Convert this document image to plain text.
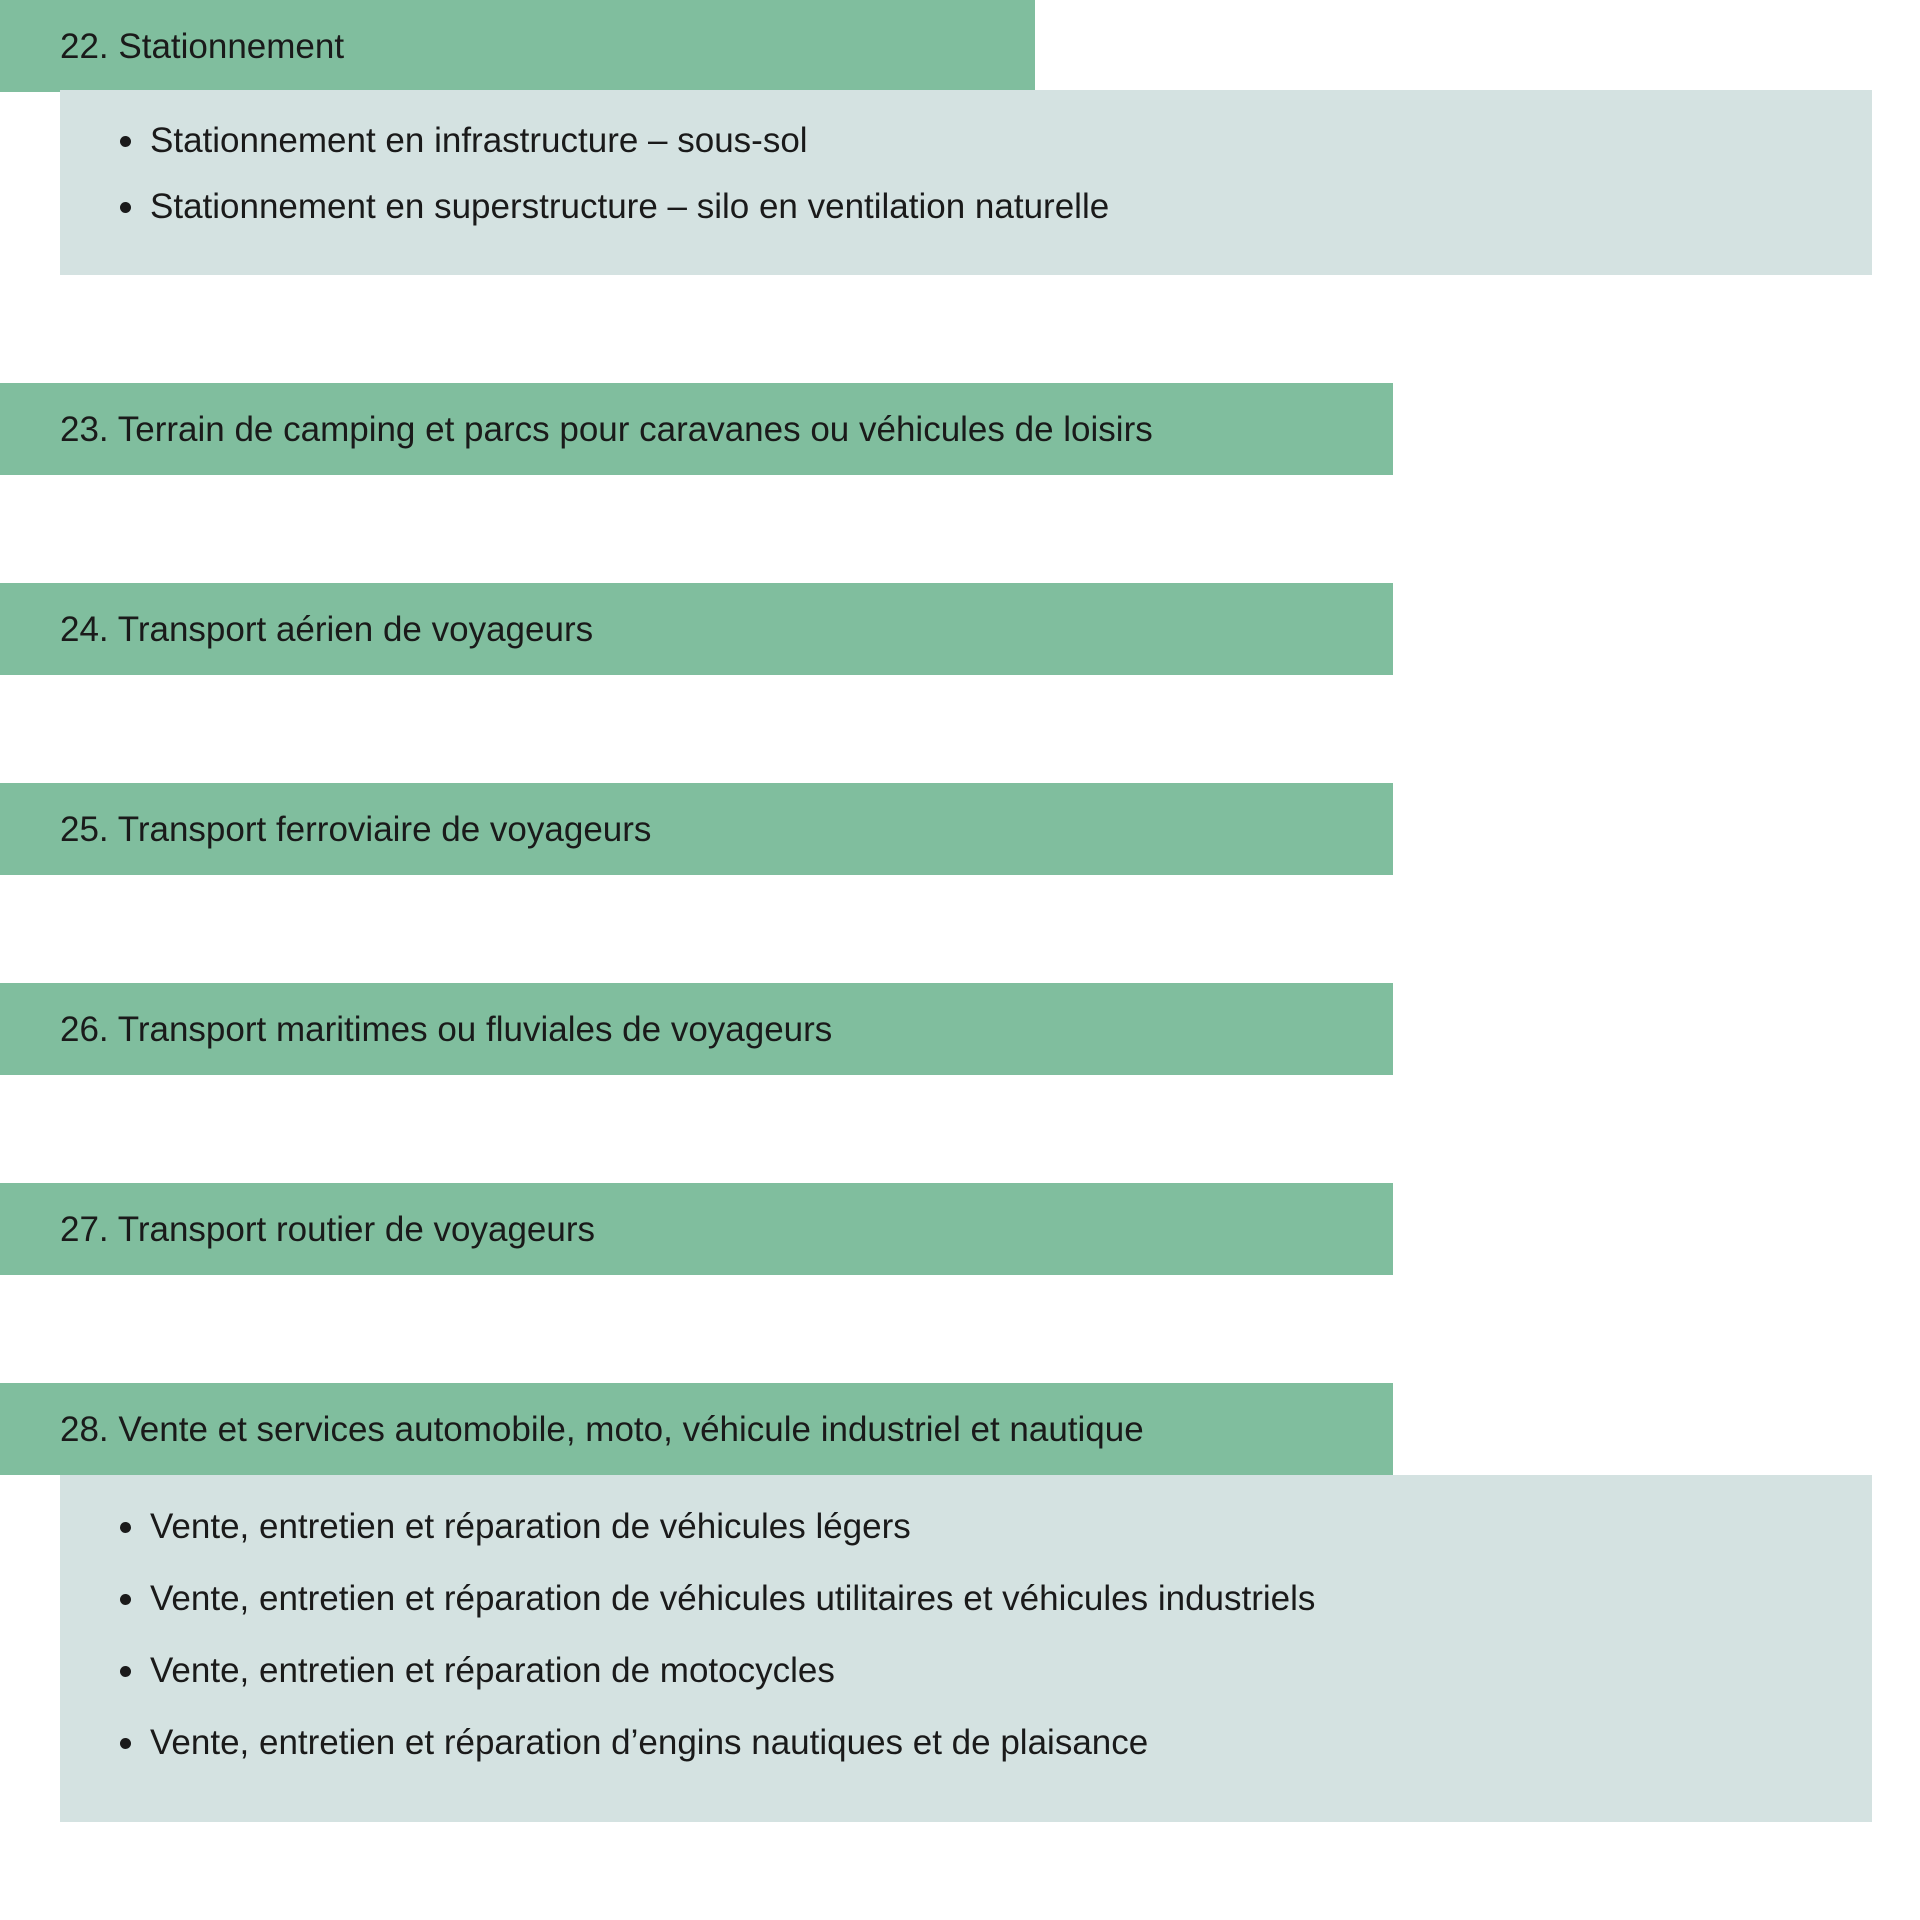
22. Stationnement
Stationnement en infrastructure – sous-sol
Stationnement en superstructure – silo en ventilation naturelle
23. Terrain de camping et parcs pour caravanes ou véhicules de loisirs
24. Transport aérien de voyageurs
25. Transport ferroviaire de voyageurs
26. Transport maritimes ou fluviales de voyageurs
27. Transport routier de voyageurs
28. Vente et services automobile, moto, véhicule industriel et nautique
Vente, entretien et réparation de véhicules légers
Vente, entretien et réparation de véhicules utilitaires et véhicules industriels
Vente, entretien et réparation de motocycles
Vente, entretien et réparation d’engins nautiques et de plaisance
